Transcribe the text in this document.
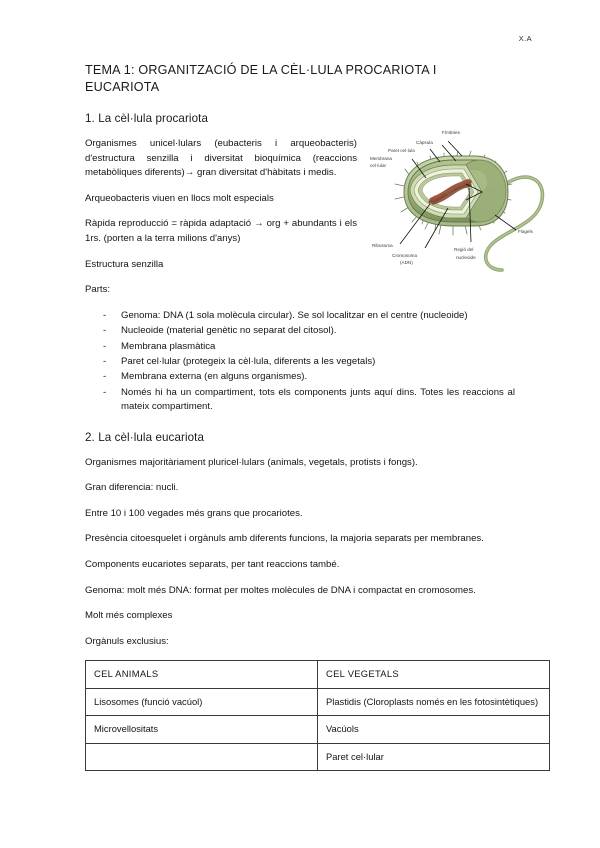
X.A
Fímbries
Càpsula
Paret cel·lula
Membrana
cel·lular
Flagels
Ribosoma
Cromosoma
(ADN)
Regió del
nucleoide
TEMA 1: ORGANITZACIÓ DE LA CÈL·LULA PROCARIOTA I
EUCARIOTA
1. La cèl·lula procariota

Organismes unicel·lulars (eubacteris i arqueobacteris) d'estructura senzilla i diversitat bioquímica (reaccions metabòliques diferents)→ gran diversitat d'hàbitats i medis.

Arqueobacteris viuen en llocs molt especials

Ràpida reproducció = ràpida adaptació → org + abundants i els 1rs. (porten a la terra milions d'anys)

Estructura senzilla

Parts:

- Genoma: DNA (1 sola molècula circular). Se sol localitzar en el centre (nucleoide)
- Nucleoide (material genètic no separat del citosol).
- Membrana plasmàtica
- Paret cel·lular (protegeix la cèl·lula, diferents a les vegetals)
- Membrana externa (en alguns organismes).
- Només hi ha un compartiment, tots els components junts aquí dins. Totes les reaccions al mateix compartiment.
2. La cèl·lula eucariota

Organismes majoritàriament pluricel·lulars (animals, vegetals, protists i fongs).

Gran diferencia: nucli.

Entre 10 i 100 vegades més grans que procariotes.

Presència citoesquelet i orgànuls amb diferents funcions, la majoria separats per membranes.

Components eucariotes separats, per tant reaccions també.

Genoma: molt més DNA: format per moltes molècules de DNA i compactat en cromosomes.

Molt més complexes

Orgànuls exclusius:

CEL ANIMALS	CEL VEGETALS
Lisosomes (funció vacúol)	Plastidis (Cloroplasts només en les fotosintètiques)
Microvellositats	Vacúols
	Paret cel·lular
